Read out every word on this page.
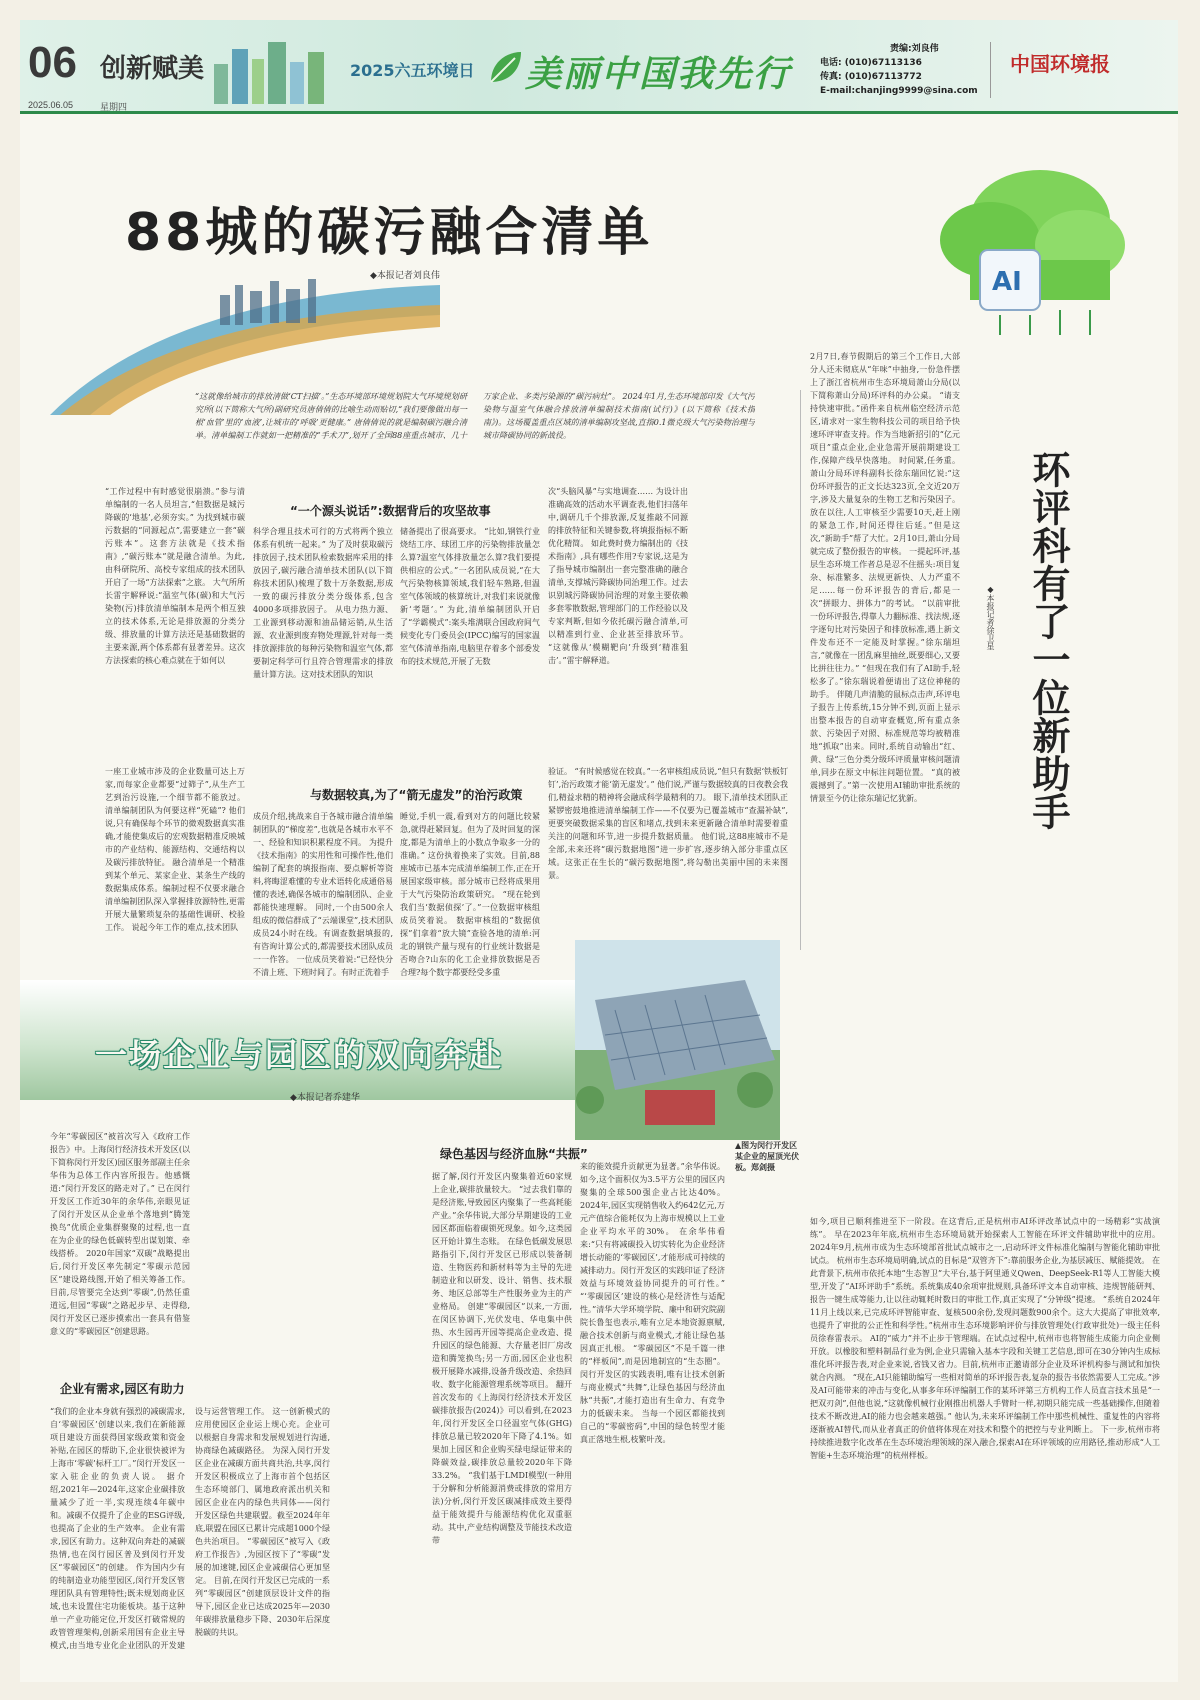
06 创新赋美
2025.06.05	星期四
2025六五环境日 美丽中国我先行
责编:刘良伟
电话: (010)67113136
传真: (010)67113772
E-mail:chanjing9999@sina.com
中国环境报
88城的碳污融合清单
◆本报记者刘良伟	AI
“这就像给城市的排放清做‘CT扫描’。”生态环境部环境规划院大气环境规划研究所(以下简称大气所)副研究员唐倩倩的比喻生动而贴切,“我们要像做出每一根‘血管’里的‘血液’,让城市的‘呼吸’更健康。” 唐倩倩说的就是编制碳污融合清单。清单编制工作就如一把精准的“手术刀”,划开了全国88座重点城市、几十万家企业、多类污染源的“碳污病灶”。 2024年1月,生态环境部印发《大气污染物与温室气体融合排放清单编制技术指南(试行)》(以下简称《技术指南》)。这场覆盖重点区域的清单编制攻坚战,直指0.1微克级大气污染物治理与城市降碳协同的新战役。
“工作过程中有时感觉很崩溃。”参与清单编制的一名人员坦言,“但数据是城污降碳的‘地基’,必须夯实。” 为找到城市碳污数据的“同源起点”,需要建立一套“碳污账本”。这套方法就是《技术指南》,“碳污账本”就是融合清单。为此,由科研院所、高校专家组成的技术团队开启了一场“方法探索”之旅。 大气所所长雷宇解释说:“温室气体(碳)和大气污染物(污)排放清单编制本是两个相互独立的技术体系,无论是排放源的分类分级、排放量的计算方法还是基础数据的主要来源,两个体系都有显著差异。这次方法探索的核心难点就在于如何以
“一个源头说话”:数据背后的攻坚故事
科学合理且技术可行的方式将两个独立体系有机统一起来。” 为了及时获取碳污排放因子,技术团队检索数据库采用的排放因子,碳污融合清单技术团队(以下简称技术团队)梳理了数十万条数据,形成一致的碳污排放分类分级体系,包含4000多项排放因子。 从电力热力源、工业源到移动源和油品储运销,从生活源、农业源到废弃物处理源,针对每一类排放源排放的每种污染物和温室气体,都要制定科学可行且符合管理需求的排放量计算方法。这对技术团队的知识
储备提出了很高要求。 “比如,钢铁行业烧结工序、球团工序的污染物排放量怎么算?温室气体排放量怎么算?我们要提供相应的公式。”一名团队成员说,“在大气污染物核算领域,我们轻车熟路,但温室气体领域的核算统计,对我们来说就像新‘考题’。” 为此,清单编制团队开启了“学霸模式”:案头堆满联合国政府间气候变化专门委员会(IPCC)编写的国家温室气体清单指南,电脑里存着多个部委发布的技术规范,开展了无数
次“头脑风暴”与实地调查…… 为设计出准确高效的活动水平调查表,他们扫荡年中,调研几千个排放源,反复推敲不同源的排放特征和关键参数,将填报指标不断优化精简。 如此费时费力编制出的《技术指南》,具有哪些作用?专家说,这是为了指导城市编制出一套完整准确的融合清单,支撑城污降碳协同治理工作。过去识别城污降碳协同治理的对象主要依赖多套零散数据,管理部门的工作经验以及专家判断,但如今依托碳污融合清单,可以精准到行业、企业甚至排放环节。 “这就像从‘模糊靶向’升级到‘精准狙击’。”雷宇解释道。
一座工业城市涉及的企业数量可达上万家,而每家企业都要“过筛子”,从生产工艺到治污设施,一个细节都不能放过。 清单编制团队为何要这样“死磕”? 他们说,只有确保每个环节的微观数据真实准确,才能使集成后的宏观数据精准反映城市的产业结构、能源结构、交通结构以及碳污排放特征。 融合清单是一个精准到某个单元、某家企业、某条生产线的数据集成体系。编制过程不仅要求融合清单编制团队深入掌握排放源特性,更需开展大量繁琐复杂的基础性调研、校验工作。 说起今年工作的难点,技术团队
与数据较真,为了“箭无虚发”的治污政策
成员介绍,挑战来自于各城市融合清单编制团队的“梯度差”,也就是各城市水平不一、经验和知识积累程度不同。 为提升《技术指南》的实用性和可操作性,他们编制了配套的填报指南、要点解析等资料,将晦涩难懂的专业术语转化成通俗易懂的表述,确保各城市的编制团队、企业都能快速理解。 同时,一个由500余人组成的微信群成了“云端课堂”,技术团队成员24小时在线。有调查数据填报的,有咨询计算公式的,都需要技术团队成员一一作答。 一位成员笑着说:“已经快分不清上班、下班时间了。有时正洗着手
睡觉,手机一震,看到对方的问题比较紧急,就得赶紧回复。但为了及时回复的深度,都是为清单上的小数点争取多一分的准确。” 这份执着换来了实效。目前,88座城市已基本完成清单编制工作,正在开展国家级审核。部分城市已经将成果用于大气污染防治政策研究。 “现在轮到我们当‘数据侦探’了。”一位数据审核组成员笑着说。 数据审核组的“数据侦探”们拿着“放大镜”查验各地的清单:河北的钢铁产量与现有的行业统计数据是否吻合?山东的化工企业排放数据是否合理?每个数字都要经受多重
验证。 “有时候感觉在较真。”一名审核组成员说,“但只有数据‘铁板钉钉’,治污政策才能‘箭无虚发’。” 他们说,严谨与数据较真的日夜教会我们,精益求精的精神将会融成科学最精利的刀。 眼下,清单技术团队正紧锣密鼓地推进清单编制工作——不仅要为已覆盖城市“查漏补缺”,更要突破数据采集的盲区和堵点,找到未来更新融合清单时需要着重关注的问题和环节,进一步提升数据质量。 他们说,这88座城市不是全部,未来还将“碳污数据地图”进一步扩容,逐步纳入部分非重点区域。这张正在生长的“碳污数据地图”,将勾勒出美丽中国的未来图景。
环评科有了一位新助手
◆本报记者徐卫星
2月7日,春节假期后的第三个工作日,大部分人还未彻底从“年味”中抽身,一份急件摆上了浙江省杭州市生态环境局萧山分局(以下简称萧山分局)环评科的办公桌。 “请支持快速审批。”函件来自杭州临空经济示范区,请求对一家生物科技公司的项目给予快速环评审查支持。作为当地新招引的“亿元项目”重点企业,企业急需开展前期建设工作,保障产线早快落地。 时间紧,任务重。萧山分局环评科副科长徐东瑞回忆说:“这份环评报告的正文长达323页,全文近20万字,涉及大量复杂的生物工艺和污染因子。放在以往,人工审核至少需要10天,赶上刚的紧急工作,时间还得往后延。”但是这次,“新助手”帮了大忙。2月10日,萧山分局就完成了整份报告的审核。 一提起环评,基层生态环境工作者总是忍不住摇头:项目复杂、标准繁多、法规更新快、人力严重不足……每一份环评报告的背后,都是一次“拼眼力、拼体力”的考试。 “以前审批一份环评报告,得靠人力翻标准、找法规,逐字逐句比对污染因子和排放标准,遇上新文件发布还不一定能及时掌握。”徐东瑞坦言,“就像在一团乱麻里抽丝,既要细心,又要比拼往往力。” “但现在我们有了AI助手,轻松多了。”徐东瑞说着便请出了这位神秘的助手。 伴随几声清脆的鼠标点击声,环评电子报告上传系统,15分钟不到,页面上显示出整本报告的自动审查概览,所有重点条款、污染因子对照、标准规范等均被精准地“抓取”出来。同时,系统自动输出“红、黄、绿”三色分类分级环评质量审核问题清单,同步在原文中标注问题位置。 “真的被震撼到了。”第一次使用AI辅助审批系统的情景至今仍让徐东瑞记忆犹新。
如今,项目已顺利推进至下一阶段。在这背后,正是杭州市AI环评改革试点中的一场精彩“实战演练”。 早在2023年年底,杭州市生态环境局就开始探索人工智能在环评文件辅助审批中的应用。2024年9月,杭州市成为生态环境部首批试点城市之一,启动环评文件标准化编制与智能化辅助审批试点。 杭州市生态环境局明确,试点的目标是“双管齐下”:靠前服务企业,为基层减压、赋能提效。 在此背景下,杭州市依托本地“生态智卫”大平台,基于阿里通义Qwen、DeepSeek-R1等人工智能大模型,开发了“AI环评助手”系统。系统集成40余项审批规则,具备环评文本自动审核、违规智能研判、报告一键生成等能力,让以往动辄耗时数日的审批工作,真正实现了“分钟级”提速。 “系统自2024年11月上线以来,已完成环评智能审查、复核500余份,发现问题数900余个。这大大提高了审批效率,也提升了审批的公正性和科学性。”杭州市生态环境影响评价与排放管理处(行政审批处)一级主任科员徐春雷表示。 AI的“威力”并不止步于管理端。在试点过程中,杭州市也将智能生成能力向企业侧开放。以橡胶和塑料制品行业为例,企业只需输入基本字段和关键工艺信息,即可在30分钟内生成标准化环评报告表,对企业来说,省钱又省力。目前,杭州市正邀请部分企业及环评机构参与测试和加快就合内测。 “现在,AI只能辅助编写一些相对简单的环评报告表,复杂的报告书依然需要人工完成。”涉及AI可能带来的冲击与变化,从事多年环评编制工作的某环评第三方机构工作人员直言技术虽是“一把双刃剑”,但他也说,“这就像机械行业刚推出机器人手臂时一样,初期只能完成一些基础操作,但随着技术不断改进,AI的能力也会越来越强。” 他认为,未来环评编制工作中那些机械性、重复性的内容将逐渐被AI替代,而从业者真正的价值将体现在对技术和整个的把控与专业判断上。 下一步,杭州市将持续推进数字化改革在生态环境治理领域的深入融合,探索AI在环评领域的应用路径,推动形成“人工智能+生态环境治理”的杭州样板。
一场企业与园区的双向奔赴
◆本报记者乔建华
▲图为闵行开发区某企业的屋顶光伏板。郑剑摄
今年“零碳园区”被首次写入《政府工作报告》中。上海闵行经济技术开发区(以下简称闵行开发区)园区服务部副主任余华伟为总体工作内容所报告。他感慨道:“闵行开发区的路走对了。” 已在闵行开发区工作近30年的余华伟,亲眼见证了闵行开发区从企业单个落地到“腾笼换鸟”优质企业集群聚聚的过程,也一直在为企业的绿色低碳转型出谋划策、牵线搭桥。 2020年国家“双碳”战略提出后,闵行开发区率先制定“零碳示范园区”建设路线图,开始了相关筹备工作。 目前,尽管要完全达到“零碳”,仍然任重道远,但园“零碳”之路起步早、走得稳,闵行开发区已逐步摸索出一套具有借鉴意义的“零碳园区”创建思路。
企业有需求,园区有助力
“我们的企业本身就有强烈的减碳需求,自‘零碳园区’创建以来,我们在新能源项目建设方面获得国家级政策和资金补贴,在园区的帮助下,企业很快被评为上海市‘零碳’标杆工厂。”闵行开发区一家入驻企业的负责人说。 据介绍,2021年—2024年,这家企业碳排放量减少了近一半,实现连续4年碳中和。减碳不仅提升了企业的ESG评级,也提高了企业的生产效率。 企业有需求,园区有助力。这种双向奔赴的减碳热情,也在闵行园区普及到闵行开发区“零碳园区”的创建。 作为国内少有的纯制造业功能型园区,闵行开发区管理团队具有管理特性;既未规划商业区域,也未设置住宅功能板块。基于这种单一产业功能定位,开发区打破常规的政管管理架构,创新采用国有企业主导模式,由当地专业化企业团队的开发建设与运营管理工作。 这一创新模式的应用使园区企业运上规心充。企业可以根据自身需求和发展规划进行沟通,协商绿色减碳路径。 为深入闵行开发区企业在减碳方面共商共治,共享,闵行开发区积极成立了上海市首个包括区生态环境部门、属地政府派出机关和园区企业在内的绿色共同体——闵行开发区绿色共建联盟。截至2024年年底,联盟在园区已累计完成超1000个绿色共治项目。 “零碳园区”被写入《政府工作报告》,为园区按下了“零碳”发展的加速键,园区企业减碳信心更加坚定。 目前,在闵行开发区已完成的一系列“零碳园区”创建顶层设计文件的指导下,园区企业已达成2025年—2030年碳排放量稳步下降、2030年后深度脱碳的共识。
绿色基因与经济血脉“共振”
据了解,闵行开发区内聚集着近60家规上企业,碳排放量较大。 “过去我们靠的是经济账,导致园区内聚集了一些高耗能产业。”余华伟说,大部分早期建设的工业园区都面临着碳锁死现象。如今,这类园区开始计算生态账。 在绿色低碳发展思路指引下,闵行开发区已形成以装备制造、生物医药和新材料等为主导的先进制造业和以研发、设计、销售、技术服务、地区总部等生产性服务业为主的产业格局。 创建“零碳园区”以来,一方面,在闵区协调下,光伏发电、华电集中供热、水生园再开园等提高企业改造、提升园区的绿色能源、大存量老旧厂房改造和腾笼换鸟;另一方面,园区企业也积极开展降水减排,设备升级改造、余热回收、数字化能源管理系统等项目。 翻开首次发布的《上海闵行经济技术开发区碳排放报告(2024)》可以看到,在2023年,闵行开发区全口径温室气体(GHG)排放总量已较2020年下降了4.1%。如果加上园区和企业购买绿电绿证带来的降碳效益,碳排放总量较2020年下降33.2%。 “我们基于LMDI模型(一种用于分解和分析能源消费或排放的常用方法)分析,闵行开发区碳减排成效主要得益于能效提升与能源结构优化双重驱动。其中,产业结构调整及节能技术改造带
来的能效提升贡献更为显著。”余华伟说。 如今,这个面积仅为3.5平方公里的园区内聚集的全球500强企业占比达40%。2024年,园区实现销售收入约642亿元,万元产值综合能耗仅为上海市规模以上工业企业平均水平的30%。 在余华伟看来:“只有将减碳投入切实转化为企业经济增长动能的‘零碳园区’,才能形成可持续的减排动力。闵行开发区的实践印证了经济效益与环境效益协同提升的可行性。” “‘零碳园区’建设的核心是经济性与适配性。”清华大学环境学院、廉中和研究院副院长鲁玺也表示,唯有立足本地资源禀赋,融合技术创新与商业模式,才能让绿色基因真正扎根。 “零碳园区”不是千篇一律的“样板间”,而是因地制宜的“生态圈”。闵行开发区的实践表明,唯有让技术创新与商业模式“共舞”,让绿色基因与经济血脉“共振”,才能打造出有生命力、有竞争力的低碳未来。 当每一个园区都能找到自己的“零碳密码”,中国的绿色转型才能真正落地生根,枝繁叶茂。
